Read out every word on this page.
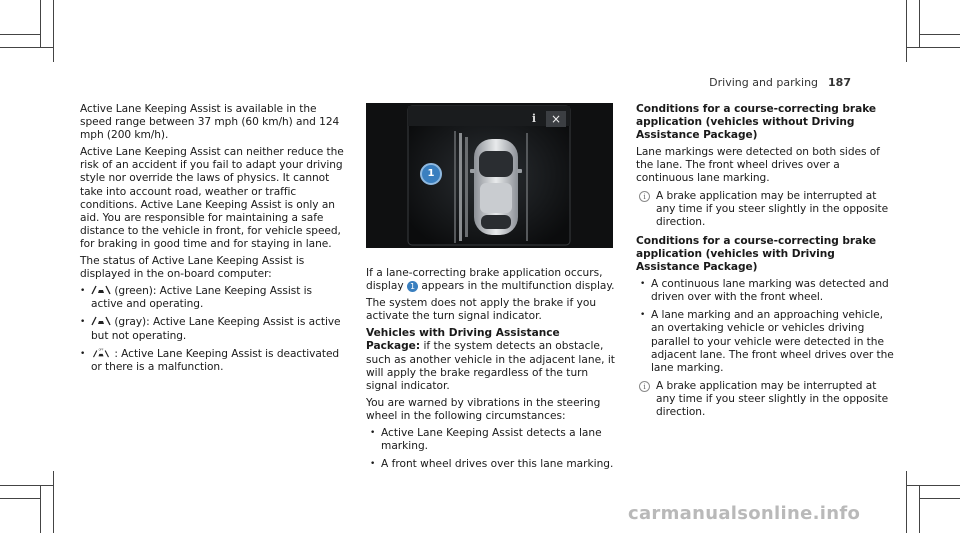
Driving and parking 187

Active Lane Keeping Assist is available in the speed range between 37 mph (60 km/h) and 124 mph (200 km/h).

Active Lane Keeping Assist can neither reduce the risk of an accident if you fail to adapt your driving style nor override the laws of physics. It cannot take into account road, weather or traffic conditions. Active Lane Keeping Assist is only an aid. You are responsible for maintaining a safe distance to the vehicle in front, for vehicle speed, for braking in good time and for staying in lane.

The status of Active Lane Keeping Assist is displayed in the on-board computer:

•	(green): Active Lane Keeping Assist is active and operating.
•	(gray): Active Lane Keeping Assist is active but not operating.
•	OFF : Active Lane Keeping Assist is deactivated or there is a malfunction.
i	×
1

If a lane-correcting brake application occurs, display 1 appears in the multifunction display.

The system does not apply the brake if you activate the turn signal indicator.

Vehicles with Driving Assistance Package: if the system detects an obstacle, such as another vehicle in the adjacent lane, it will apply the brake regardless of the turn signal indicator.

You are warned by vibrations in the steering wheel in the following circumstances:

• Active Lane Keeping Assist detects a lane marking.
• A front wheel drives over this lane marking.

Conditions for a course-correcting brake application (vehicles without Driving Assistance Package)

Lane markings were detected on both sides of the lane. The front wheel drives over a continuous lane marking.

i A brake application may be interrupted at any time if you steer slightly in the opposite direction.

Conditions for a course-correcting brake application (vehicles with Driving Assistance Package)

• A continuous lane marking was detected and driven over with the front wheel.
• A lane marking and an approaching vehicle, an overtaking vehicle or vehicles driving parallel to your vehicle were detected in the adjacent lane. The front wheel drives over the lane marking.
i A brake application may be interrupted at any time if you steer slightly in the opposite direction.
carmanualsonline.info
